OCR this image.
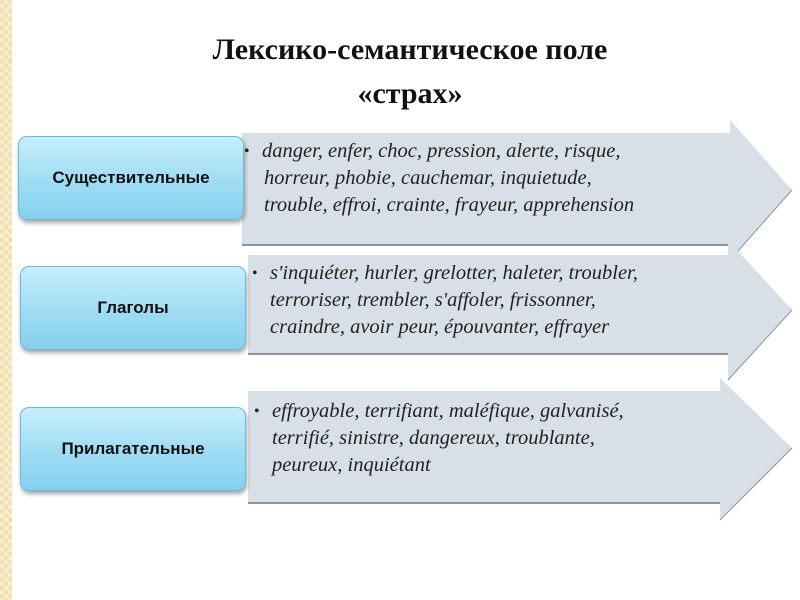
Лексико-семантическое поле
«страх»
Существительные
• danger, enfer, choc, pression, alerte, risque,
horreur, phobie, cauchemar, inquietude,
trouble, effroi, crainte, frayeur, apprehension
Глаголы
• s'inquiéter, hurler, grelotter, haleter, troubler,
terroriser, trembler, s'affoler, frissonner,
craindre, avoir peur, épouvanter, effrayer
Прилагательные
• effroyable, terrifiant, maléfique, galvanisé,
terrifié, sinistre, dangereux, troublante,
peureux, inquiétant
